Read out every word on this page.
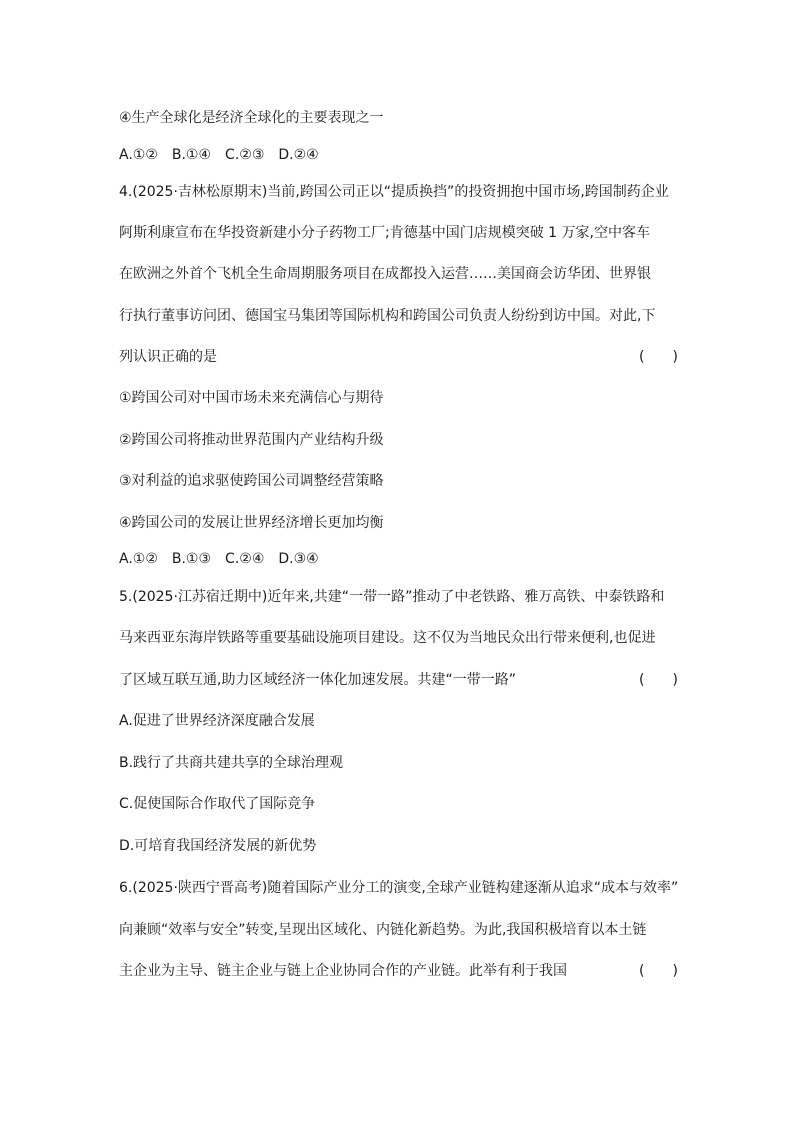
④生产全球化是经济全球化的主要表现之一
A.①②　B.①④　C.②③　D.②④
4.(2025·吉林松原期末)当前,跨国公司正以“提质换挡”的投资拥抱中国市场,跨国制药企业
阿斯利康宣布在华投资新建小分子药物工厂;肯德基中国门店规模突破 1 万家,空中客车
在欧洲之外首个飞机全生命周期服务项目在成都投入运营……美国商会访华团、世界银
行执行董事访问团、德国宝马集团等国际机构和跨国公司负责人纷纷到访中国。对此,下
列认识正确的是	(　　)
①跨国公司对中国市场未来充满信心与期待
②跨国公司将推动世界范围内产业结构升级
③对利益的追求驱使跨国公司调整经营策略
④跨国公司的发展让世界经济增长更加均衡
A.①②　B.①③　C.②④　D.③④
5.(2025·江苏宿迁期中)近年来,共建“一带一路”推动了中老铁路、雅万高铁、中泰铁路和
马来西亚东海岸铁路等重要基础设施项目建设。这不仅为当地民众出行带来便利,也促进
了区域互联互通,助力区域经济一体化加速发展。共建“一带一路”	(　　)
A.促进了世界经济深度融合发展
B.践行了共商共建共享的全球治理观
C.促使国际合作取代了国际竞争
D.可培育我国经济发展的新优势
6.(2025·陕西宁晋高考)随着国际产业分工的演变,全球产业链构建逐渐从追求“成本与效率”
向兼顾“效率与安全”转变,呈现出区域化、内链化新趋势。为此,我国积极培育以本土链
主企业为主导、链主企业与链上企业协同合作的产业链。此举有利于我国	(　　)
